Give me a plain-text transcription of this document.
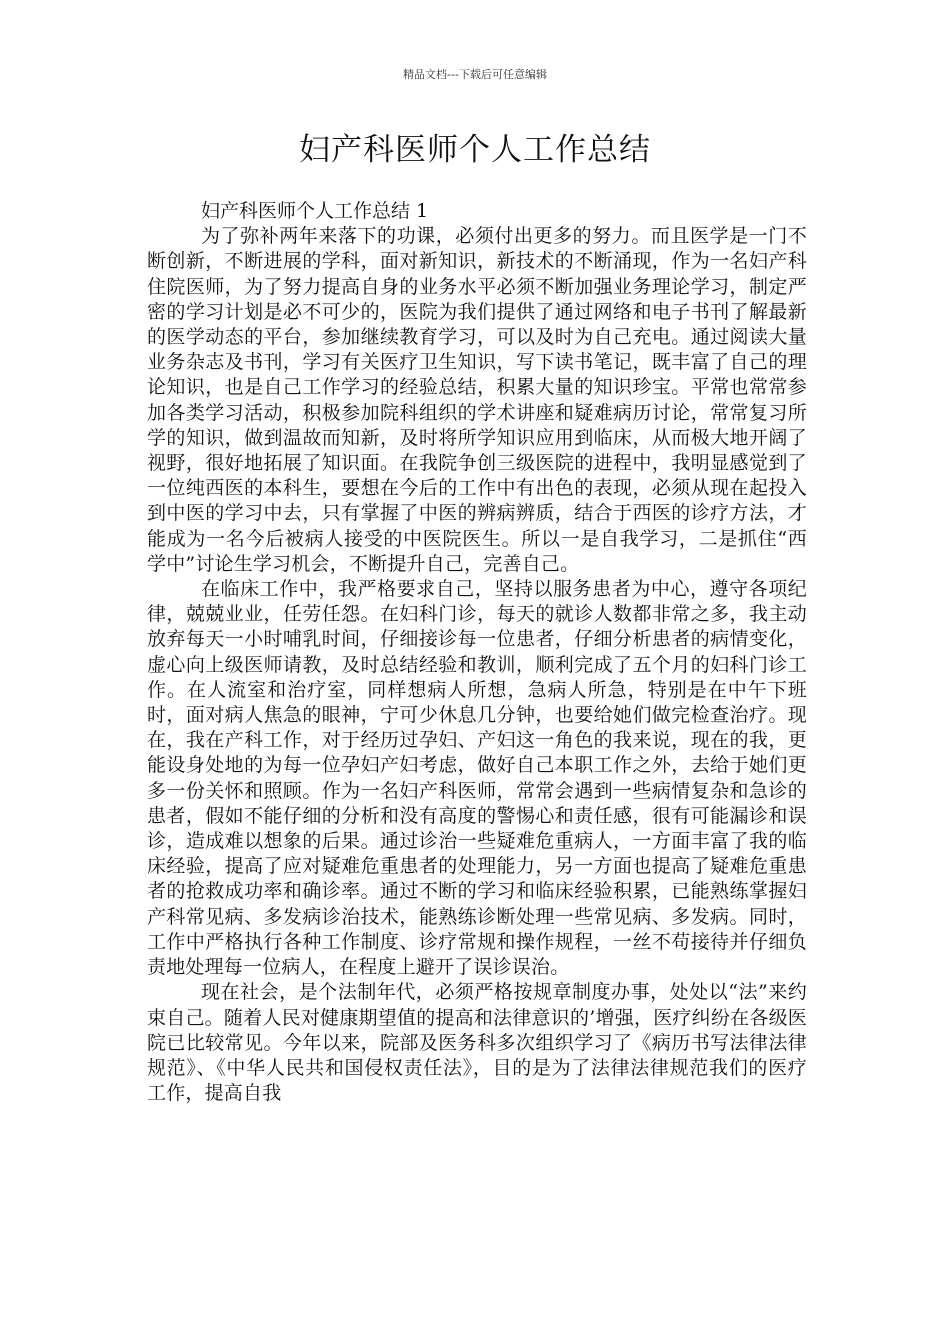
精品文档---下载后可任意编辑
妇产科医师个人工作总结
妇产科医师个人工作总结 1

为了弥补两年来落下的功课，必须付出更多的努力。而且医学是一门不断创新，不断进展的学科，面对新知识，新技术的不断涌现，作为一名妇产科住院医师，为了努力提高自身的业务水平必须不断加强业务理论学习，制定严密的学习计划是必不可少的，医院为我们提供了通过网络和电子书刊了解最新的医学动态的平台，参加继续教育学习，可以及时为自己充电。通过阅读大量业务杂志及书刊，学习有关医疗卫生知识，写下读书笔记，既丰富了自己的理论知识，也是自己工作学习的经验总结，积累大量的知识珍宝。平常也常常参加各类学习活动，积极参加院科组织的学术讲座和疑难病历讨论，常常复习所学的知识，做到温故而知新，及时将所学知识应用到临床，从而极大地开阔了视野，很好地拓展了知识面。在我院争创三级医院的进程中，我明显感觉到了一位纯西医的本科生，要想在今后的工作中有出色的表现，必须从现在起投入到中医的学习中去，只有掌握了中医的辨病辨质，结合于西医的诊疗方法，才能成为一名今后被病人接受的中医院医生。所以一是自我学习，二是抓住“西学中”讨论生学习机会，不断提升自己，完善自己。

在临床工作中，我严格要求自己，坚持以服务患者为中心，遵守各项纪律，兢兢业业，任劳任怨。在妇科门诊，每天的就诊人数都非常之多，我主动放弃每天一小时哺乳时间，仔细接诊每一位患者，仔细分析患者的病情变化，虚心向上级医师请教，及时总结经验和教训，顺利完成了五个月的妇科门诊工作。在人流室和治疗室，同样想病人所想，急病人所急，特别是在中午下班时，面对病人焦急的眼神，宁可少休息几分钟，也要给她们做完检查治疗。现在，我在产科工作，对于经历过孕妇、产妇这一角色的我来说，现在的我，更能设身处地的为每一位孕妇产妇考虑，做好自己本职工作之外，去给于她们更多一份关怀和照顾。作为一名妇产科医师，常常会遇到一些病情复杂和急诊的患者，假如不能仔细的分析和没有高度的警惕心和责任感，很有可能漏诊和误诊，造成难以想象的后果。通过诊治一些疑难危重病人，一方面丰富了我的临床经验，提高了应对疑难危重患者的处理能力，另一方面也提高了疑难危重患者的抢救成功率和确诊率。通过不断的学习和临床经验积累，已能熟练掌握妇产科常见病、多发病诊治技术，能熟练诊断处理一些常见病、多发病。同时，工作中严格执行各种工作制度、诊疗常规和操作规程，一丝不苟接待并仔细负责地处理每一位病人，在程度上避开了误诊误治。

现在社会，是个法制年代，必须严格按规章制度办事，处处以“法”来约束自己。随着人民对健康期望值的提高和法律意识的’增强，医疗纠纷在各级医院已比较常见。今年以来，院部及医务科多次组织学习了《病历书写法律法律规范》、《中华人民共和国侵权责任法》，目的是为了法律法律规范我们的医疗工作，提高自我
